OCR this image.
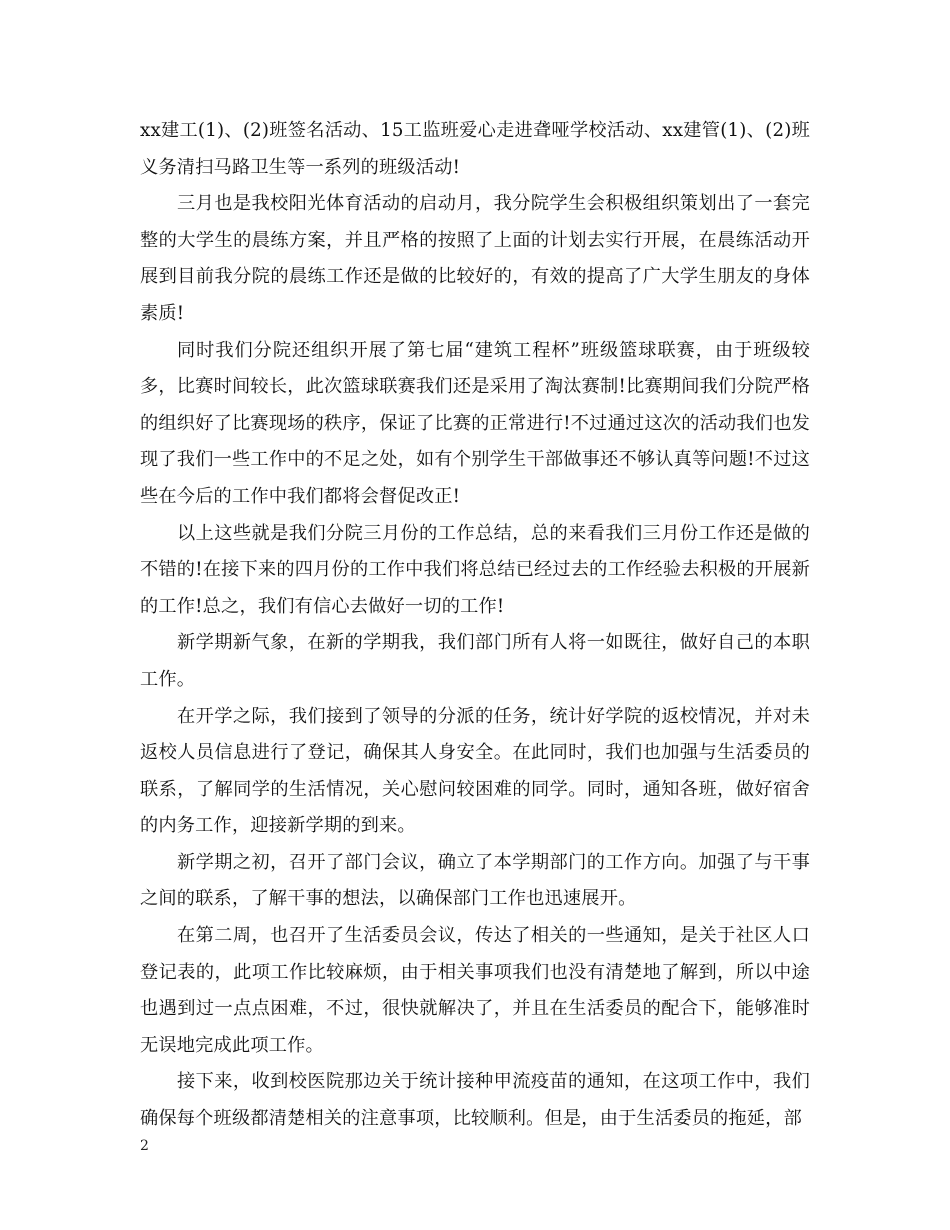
xx建工(1)、(2)班签名活动、15工监班爱心走进聋哑学校活动、xx建管(1)、(2)班义务清扫马路卫生等一系列的班级活动!

三月也是我校阳光体育活动的启动月，我分院学生会积极组织策划出了一套完整的大学生的晨练方案，并且严格的按照了上面的计划去实行开展，在晨练活动开展到目前我分院的晨练工作还是做的比较好的，有效的提高了广大学生朋友的身体素质!

同时我们分院还组织开展了第七届“建筑工程杯”班级篮球联赛，由于班级较多，比赛时间较长，此次篮球联赛我们还是采用了淘汰赛制!比赛期间我们分院严格的组织好了比赛现场的秩序，保证了比赛的正常进行!不过通过这次的活动我们也发现了我们一些工作中的不足之处，如有个别学生干部做事还不够认真等问题!不过这些在今后的工作中我们都将会督促改正!

以上这些就是我们分院三月份的工作总结，总的来看我们三月份工作还是做的不错的!在接下来的四月份的工作中我们将总结已经过去的工作经验去积极的开展新的工作!总之，我们有信心去做好一切的工作!

新学期新气象，在新的学期我，我们部门所有人将一如既往，做好自己的本职工作。

在开学之际，我们接到了领导的分派的任务，统计好学院的返校情况，并对未返校人员信息进行了登记，确保其人身安全。在此同时，我们也加强与生活委员的联系，了解同学的生活情况，关心慰问较困难的同学。同时，通知各班，做好宿舍的内务工作，迎接新学期的到来。

新学期之初，召开了部门会议，确立了本学期部门的工作方向。加强了与干事之间的联系，了解干事的想法，以确保部门工作也迅速展开。

在第二周，也召开了生活委员会议，传达了相关的一些通知，是关于社区人口登记表的，此项工作比较麻烦，由于相关事项我们也没有清楚地了解到，所以中途也遇到过一点点困难，不过，很快就解决了，并且在生活委员的配合下，能够准时无误地完成此项工作。

接下来，收到校医院那边关于统计接种甲流疫苗的通知，在这项工作中，我们确保每个班级都清楚相关的注意事项，比较顺利。但是，由于生活委员的拖延，部

2
